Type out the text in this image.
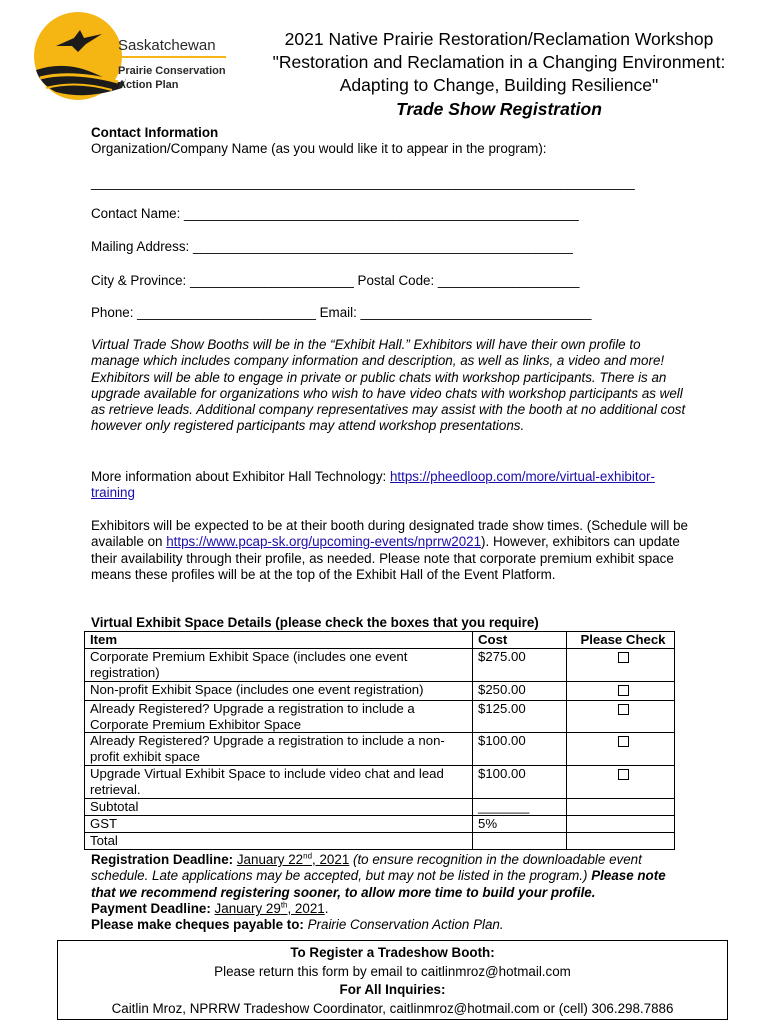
Saskatchewan
Prairie Conservation
Action Plan
2021 Native Prairie Restoration/Reclamation Workshop
"Restoration and Reclamation in a Changing Environment:
Adapting to Change, Building Resilience"
Trade Show Registration
Contact Information
Organization/Company Name (as you would like it to appear in the program):
_________________________________________________________________________
Contact Name: _____________________________________________________
Mailing Address: ___________________________________________________
City & Province: ______________________ Postal Code: ___________________
Phone: ________________________ Email: _______________________________
Virtual Trade Show Booths will be in the “Exhibit Hall.” Exhibitors will have their own profile to manage which includes company information and description, as well as links, a video and more! Exhibitors will be able to engage in private or public chats with workshop participants. There is an upgrade available for organizations who wish to have video chats with workshop participants as well as retrieve leads. Additional company representatives may assist with the booth at no additional cost however only registered participants may attend workshop presentations.
More information about Exhibitor Hall Technology: https://pheedloop.com/more/virtual-exhibitor-training
Exhibitors will be expected to be at their booth during designated trade show times. (Schedule will be available on https://www.pcap-sk.org/upcoming-events/nprrw2021). However, exhibitors can update their availability through their profile, as needed. Please note that corporate premium exhibit space means these profiles will be at the top of the Exhibit Hall of the Event Platform.
Virtual Exhibit Space Details (please check the boxes that you require)
Item	Cost	Please Check
Corporate Premium Exhibit Space (includes one event registration)	$275.00	
Non-profit Exhibit Space (includes one event registration)	$250.00	
Already Registered? Upgrade a registration to include a Corporate Premium Exhibitor Space	$125.00	
Already Registered? Upgrade a registration to include a non-profit exhibit space	$100.00	
Upgrade Virtual Exhibit Space to include video chat and lead retrieval.	$100.00	
Subtotal	_______	
GST	5%	
Total		
Registration Deadline: January 22nd, 2021 (to ensure recognition in the downloadable event schedule. Late applications may be accepted, but may not be listed in the program.) Please note that we recommend registering sooner, to allow more time to build your profile.
Payment Deadline: January 29th, 2021.
Please make cheques payable to: Prairie Conservation Action Plan.
To Register a Tradeshow Booth:
Please return this form by email to caitlinmroz@hotmail.com
For All Inquiries:
Caitlin Mroz, NPRRW Tradeshow Coordinator, caitlinmroz@hotmail.com or (cell) 306.298.7886
